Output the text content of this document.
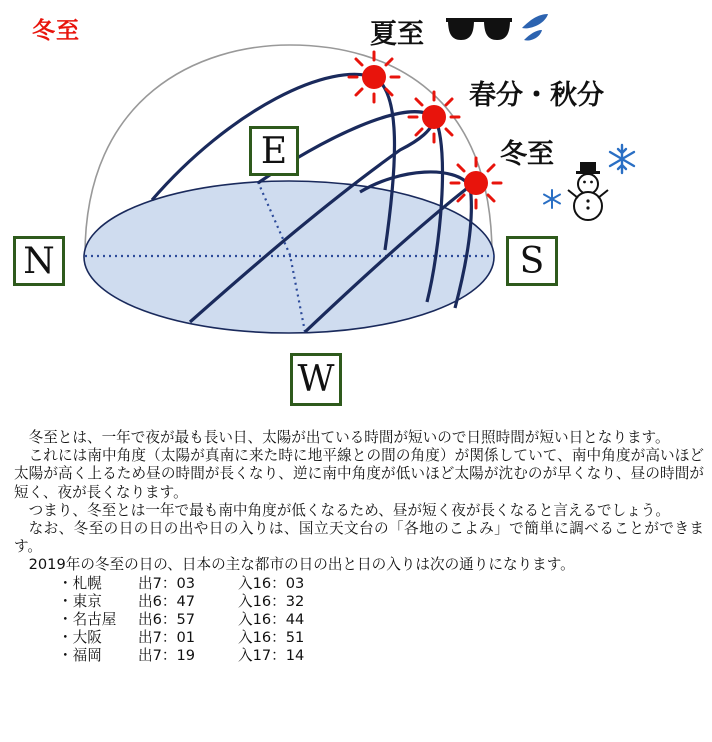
冬至	夏至
春分・秋分
冬至
N
E
S
W

冬至とは、一年で夜が最も長い日、太陽が出ている時間が短いので日照時間が短い日となります。

これには南中角度（太陽が真南に来た時に地平線との間の角度）が関係していて、南中角度が高いほど太陽が高く上るため昼の時間が長くなり、逆に南中角度が低いほど太陽が沈むのが早くなり、昼の時間が短く、夜が長くなります。

つまり、冬至とは一年で最も南中角度が低くなるため、昼が短く夜が長くなると言えるでしょう。

なお、冬至の日の日の出や日の入りは、国立天文台の「各地のこよみ」で簡単に調べることができます。

2019年の冬至の日の、日本の主な都市の日の出と日の入りは次の通りになります。

・札幌	出7：03	入16：03
・東京	出6：47	入16：32
・名古屋	出6：57	入16：44
・大阪	出7：01	入16：51
・福岡	出7：19	入17：14
